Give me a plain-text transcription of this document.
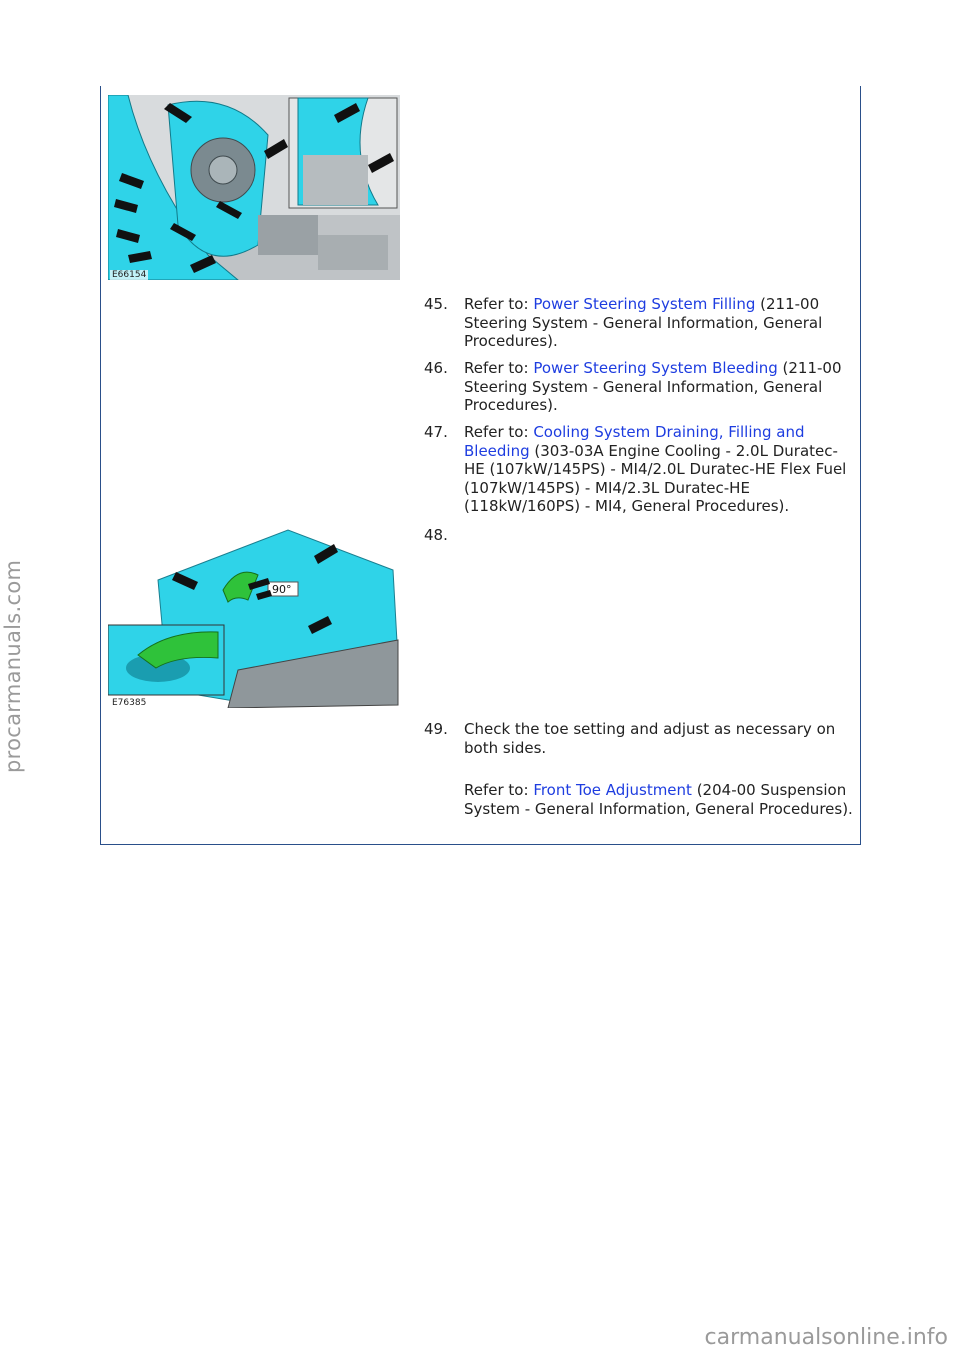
E66154
45. Refer to: Power Steering System Filling (211-00 Steering System - General Information, General Procedures).
46. Refer to: Power Steering System Bleeding (211-00 Steering System - General Information, General Procedures).
47. Refer to: Cooling System Draining, Filling and Bleeding (303-03A Engine Cooling - 2.0L Duratec-HE (107kW/145PS) - MI4/2.0L Duratec-HE Flex Fuel (107kW/145PS) - MI4/2.3L Duratec-HE (118kW/160PS) - MI4, General Procedures).
90°
E76385
48.
49. Check the toe setting and adjust as necessary on both sides.
Refer to: Front Toe Adjustment (204-00 Suspension System - General Information, General Procedures).
procarmanuals.com
carmanualsonline.info
